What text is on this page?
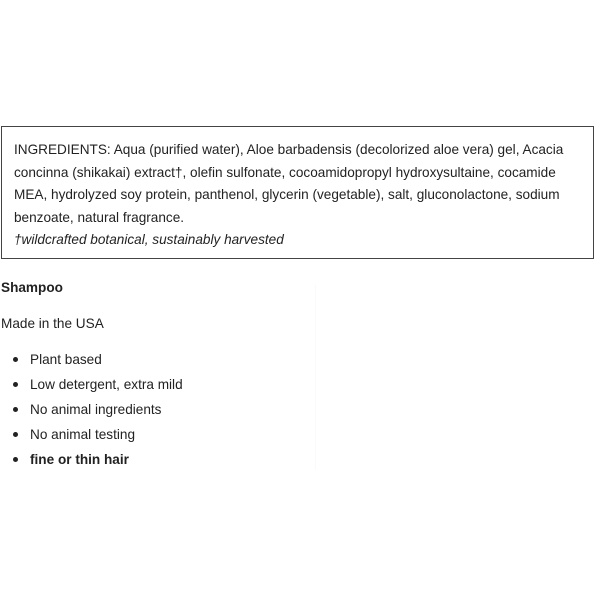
INGREDIENTS: Aqua (purified water), Aloe barbadensis (decolorized aloe vera) gel, Acacia concinna (shikakai) extract†, olefin sulfonate, cocoamidopropyl hydroxysultaine, cocamide MEA, hydrolyzed soy protein, panthenol, glycerin (vegetable), salt, gluconolactone, sodium benzoate, natural fragrance.

†wildcrafted botanical, sustainably harvested

Shampoo

Made in the USA

Plant based
Low detergent, extra mild
No animal ingredients
No animal testing
fine or thin hair
